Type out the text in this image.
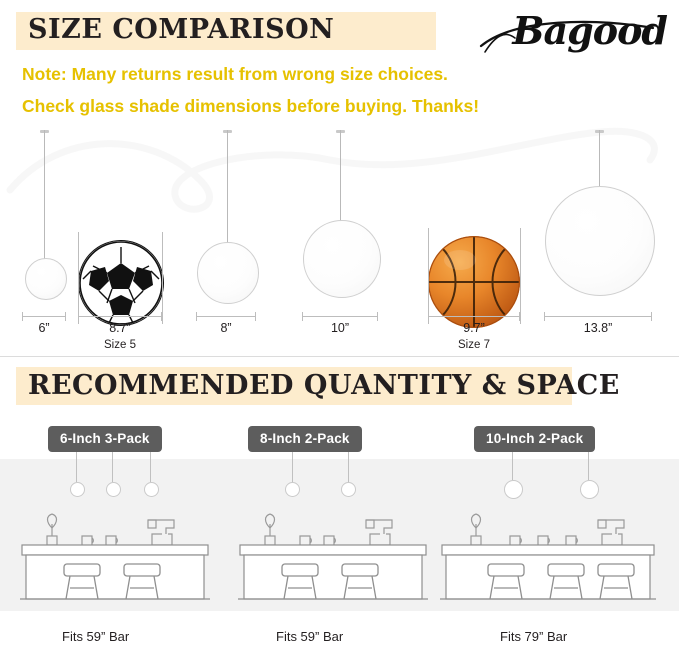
SIZE COMPARISON	Bagood
Note: Many returns result from wrong size choices.
Check glass shade dimensions before buying. Thanks!
6”	8.7”
Size 5
8”	10”	9.7”
Size 7
13.8”
RECOMMENDED QUANTITY & SPACE
6-Inch 3-Pack
Fits 59” Bar
8-Inch 2-Pack
Fits 59” Bar
10-Inch 2-Pack
Fits 79” Bar
